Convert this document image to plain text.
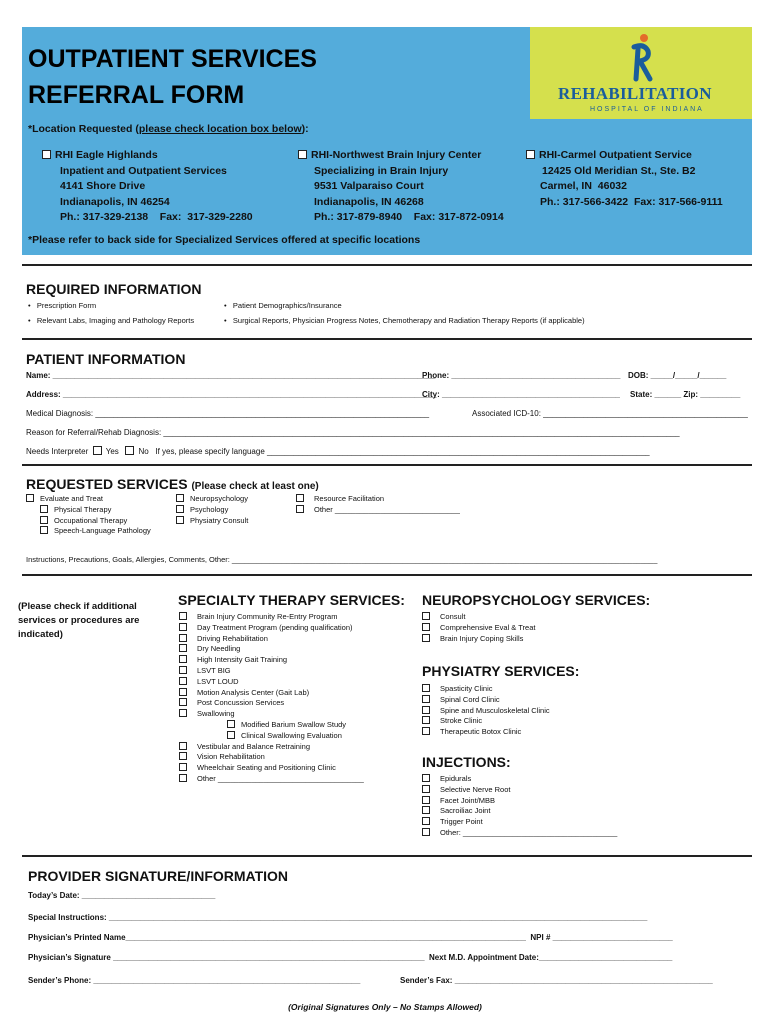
OUTPATIENT SERVICES
REFERRAL FORM	REHABILITATION
HOSPITAL OF INDIANA
*Location Requested (please check location box below):
RHI Eagle Highlands
Inpatient and Outpatient Services
4141 Shore Drive
Indianapolis, IN 46254
Ph.: 317-329-2138    Fax:  317-329-2280
RHI-Northwest Brain Injury Center
Specializing in Brain Injury
9531 Valparaiso Court
Indianapolis, IN 46268
Ph.: 317-879-8940    Fax: 317-872-0914
RHI-Carmel Outpatient Service
12425 Old Meridian St., Ste. B2
Carmel, IN  46032
Ph.: 317-566-3422  Fax: 317-566-9111
*Please refer to back side for Specialized Services offered at specific locations
REQUIRED INFORMATION
•   Prescription Form	•   Patient Demographics/Insurance
•   Relevant Labs, Imaging and Pathology Reports	•   Surgical Reports, Physician Progress Notes, Chemotherapy and Radiation Therapy Reports (if applicable)
PATIENT INFORMATION
Name: ______________________________________________________________________________________
Phone: ______________________________________ DOB: _____/_____/______
Address: ____________________________________________________________________________________
City: ________________________________________ State: ______ Zip: _________
Medical Diagnosis: ___________________________________________________________________________	Associated ICD-10: ______________________________________________
Reason for Referral/Rehab Diagnosis: ____________________________________________________________________________________________________________________
Needs Interpreter Yes No If yes, please specify language ______________________________________________________________________________________
REQUESTED SERVICES (Please check at least one)
Evaluate and Treat
Physical Therapy
Occupational Therapy
Speech-Language Pathology
Neuropsychology
Psychology
Physiatry Consult
Resource Facilitation
Other ______________________________
Instructions, Precautions, Goals, Allergies, Comments, Other: ______________________________________________________________________________________________________
(Please check if additional services or procedures are indicated)
SPECIALTY THERAPY SERVICES:
Brain Injury Community Re-Entry Program
Day Treatment Program (pending qualification)
Driving Rehabilitation
Dry Needling
High Intensity Gait Training
LSVT BIG
LSVT LOUD
Motion Analysis Center (Gait Lab)
Post Concussion Services
Swallowing
Modified Barium Swallow Study
Clinical Swallowing Evaluation
Vestibular and Balance Retraining
Vision Rehabilitation
Wheelchair Seating and Positioning Clinic
Other ___________________________________
NEUROPSYCHOLOGY SERVICES:
Consult
Comprehensive Eval & Treat
Brain Injury Coping Skills
PHYSIATRY SERVICES:
Spasticity Clinic
Spinal Cord Clinic
Spine and Musculoskeletal Clinic
Stroke Clinic
Therapeutic Botox Clinic
INJECTIONS:
Epidurals
Selective Nerve Root
Facet Joint/MBB
Sacroiliac Joint
Trigger Point
Other: _____________________________________
PROVIDER SIGNATURE/INFORMATION
Today’s Date: ______________________________
Special Instructions: _________________________________________________________________________________________________________________________
Physician’s Printed Name__________________________________________________________________________________________  NPI # ___________________________
Physician’s Signature ______________________________________________________________________  Next M.D. Appointment Date:______________________________
Sender’s Phone: ____________________________________________________________	Sender’s Fax: __________________________________________________________
(Original Signatures Only – No Stamps Allowed)
